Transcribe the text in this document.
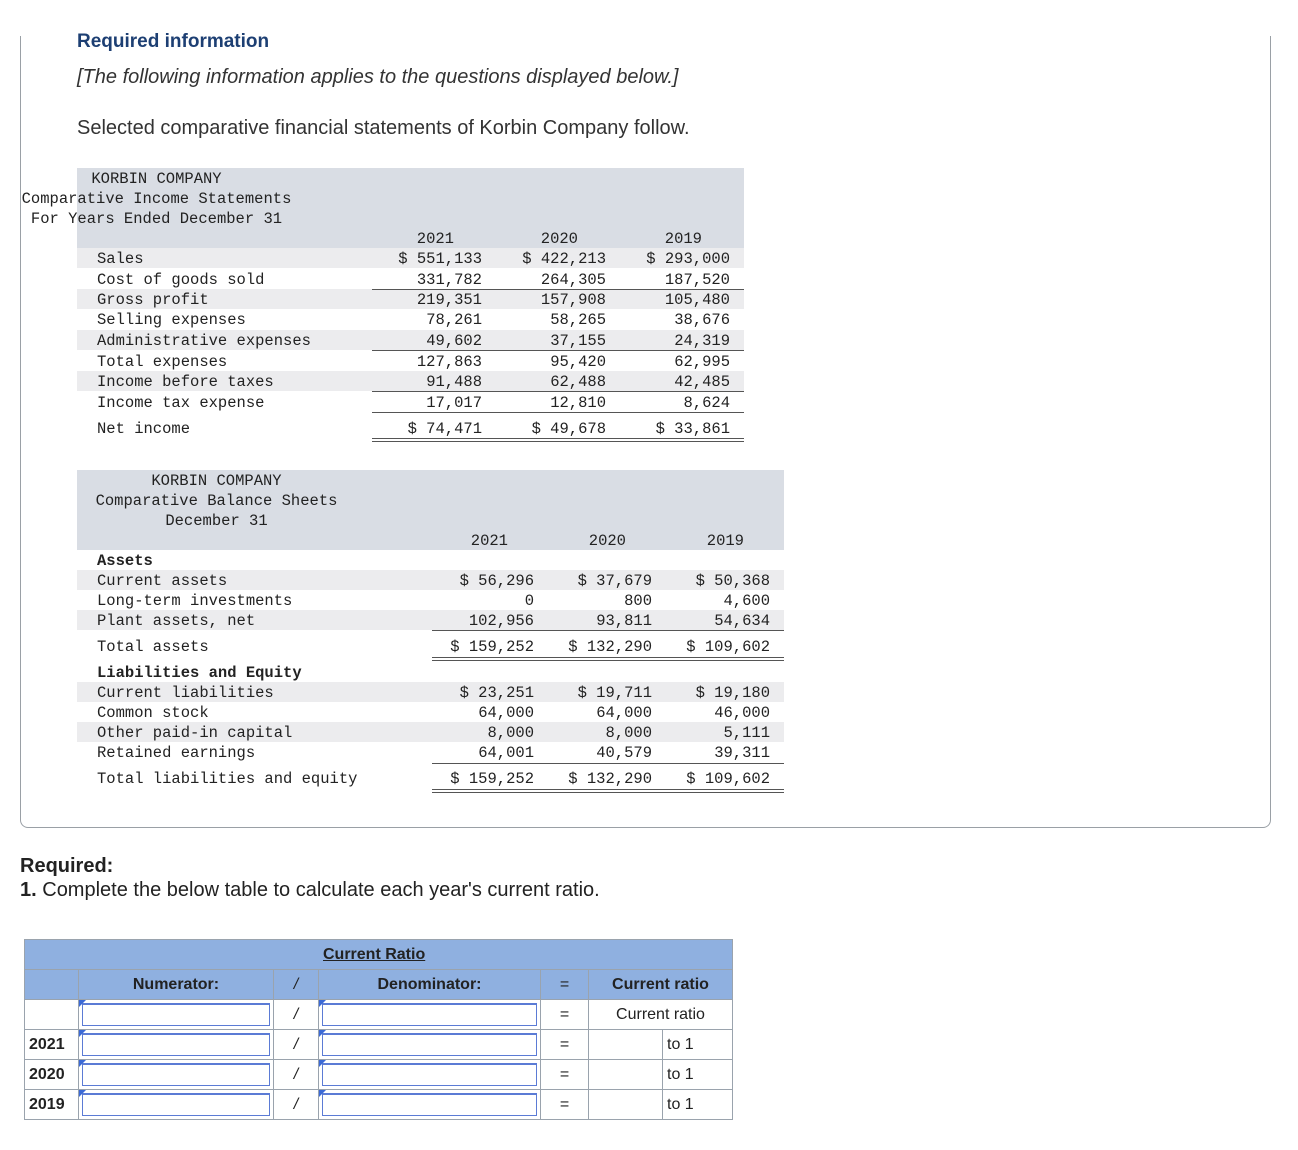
Required information
[The following information applies to the questions displayed below.]
Selected comparative financial statements of Korbin Company follow.
KORBIN COMPANY
Comparative Income Statements
For Years Ended December 31
2021	2020	2019
Sales	$ 551,133	$ 422,213	$ 293,000
Cost of goods sold	331,782	264,305	187,520
Gross profit	219,351	157,908	105,480
Selling expenses	78,261	58,265	38,676
Administrative expenses	49,602	37,155	24,319
Total expenses	127,863	95,420	62,995
Income before taxes	91,488	62,488	42,485
Income tax expense	17,017	12,810	8,624
Net income	$ 74,471	$ 49,678	$ 33,861
KORBIN COMPANY
Comparative Balance Sheets
December 31
2021	2020	2019
Assets
Liabilities and Equity
Current assets	$ 56,296	$ 37,679	$ 50,368
Long-term investments	0	800	4,600
Plant assets, net	102,956	93,811	54,634
Total assets	$ 159,252	$ 132,290	$ 109,602
Current liabilities	$ 23,251	$ 19,711	$ 19,180
Common stock	64,000	64,000	46,000
Other paid-in capital	8,000	8,000	5,111
Retained earnings	64,001	40,579	39,311
Total liabilities and equity	$ 159,252	$ 132,290	$ 109,602
Required:
1. Complete the below table to calculate each year's current ratio.
Current Ratio						
	Numerator:	/	Denominator:	=	Current ratio	

	/		=	Current ratio	
2021		/		=		to 1
2020		/		=		to 1
2019		/		=		to 1
